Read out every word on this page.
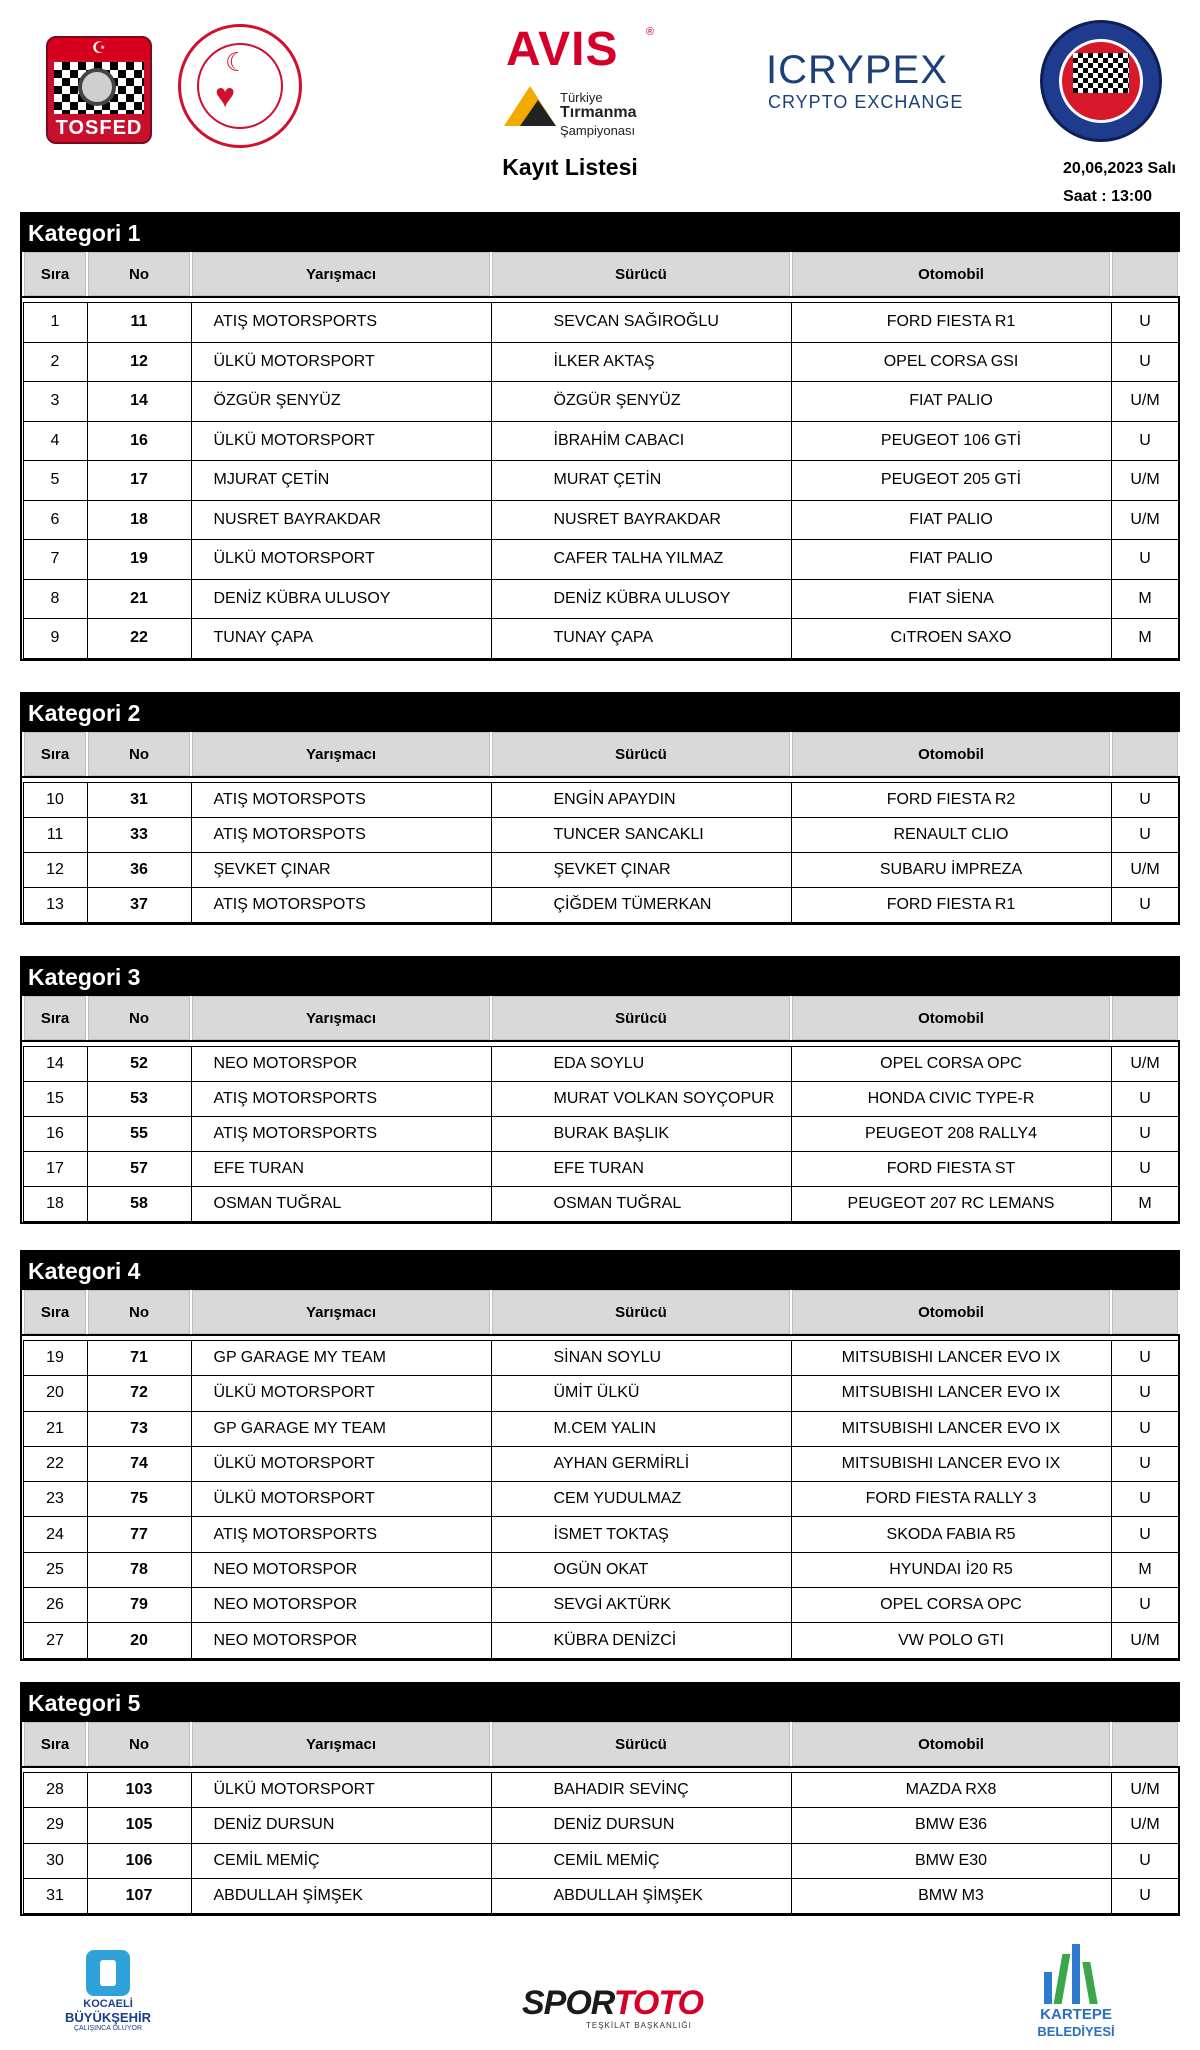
☪
TOSFED
☾
♥
AVIS	®
Türkiye
Tırmanma
Şampiyonası
ICRYPEX
CRYPTO EXCHANGE
Kayıt Listesi	20,06,2023 Salı
Saat : 13:00
Kategori 1
Sıra	No	Yarışmacı	Sürücü	Otomobil	

1	11	ATIŞ MOTORSPORTS	SEVCAN SAĞIROĞLU	FORD FIESTA R1	U
2	12	ÜLKÜ MOTORSPORT	İLKER AKTAŞ	OPEL CORSA GSI	U
3	14	ÖZGÜR ŞENYÜZ	ÖZGÜR ŞENYÜZ	FIAT PALIO	U/M
4	16	ÜLKÜ MOTORSPORT	İBRAHİM CABACI	PEUGEOT 106 GTİ	U
5	17	MJURAT ÇETİN	MURAT ÇETİN	PEUGEOT 205 GTİ	U/M
6	18	NUSRET BAYRAKDAR	NUSRET BAYRAKDAR	FIAT PALIO	U/M
7	19	ÜLKÜ MOTORSPORT	CAFER TALHA YILMAZ	FIAT PALIO	U
8	21	DENİZ KÜBRA ULUSOY	DENİZ KÜBRA ULUSOY	FIAT SİENA	M
9	22	TUNAY ÇAPA	TUNAY ÇAPA	CıTROEN SAXO	M
Kategori 2
Sıra	No	Yarışmacı	Sürücü	Otomobil	

10	31	ATIŞ MOTORSPOTS	ENGİN APAYDIN	FORD FIESTA R2	U
11	33	ATIŞ MOTORSPOTS	TUNCER SANCAKLI	RENAULT CLIO	U
12	36	ŞEVKET ÇINAR	ŞEVKET ÇINAR	SUBARU İMPREZA	U/M
13	37	ATIŞ MOTORSPOTS	ÇİĞDEM TÜMERKAN	FORD FIESTA R1	U
Kategori 3
Sıra	No	Yarışmacı	Sürücü	Otomobil	

14	52	NEO MOTORSPOR	EDA SOYLU	OPEL CORSA OPC	U/M
15	53	ATIŞ MOTORSPORTS	MURAT VOLKAN SOYÇOPUR	HONDA CIVIC TYPE-R	U
16	55	ATIŞ MOTORSPORTS	BURAK BAŞLIK	PEUGEOT 208 RALLY4	U
17	57	EFE TURAN	EFE TURAN	FORD FIESTA ST	U
18	58	OSMAN TUĞRAL	OSMAN TUĞRAL	PEUGEOT 207 RC LEMANS	M
Kategori 4
Sıra	No	Yarışmacı	Sürücü	Otomobil	

19	71	GP GARAGE MY TEAM	SİNAN SOYLU	MITSUBISHI LANCER EVO IX	U
20	72	ÜLKÜ MOTORSPORT	ÜMİT ÜLKÜ	MITSUBISHI LANCER EVO IX	U
21	73	GP GARAGE MY TEAM	M.CEM YALIN	MITSUBISHI LANCER EVO IX	U
22	74	ÜLKÜ MOTORSPORT	AYHAN GERMİRLİ	MITSUBISHI LANCER EVO IX	U
23	75	ÜLKÜ MOTORSPORT	CEM YUDULMAZ	FORD FIESTA RALLY 3	U
24	77	ATIŞ MOTORSPORTS	İSMET TOKTAŞ	SKODA FABIA R5	U
25	78	NEO MOTORSPOR	OGÜN OKAT	HYUNDAI İ20 R5	M
26	79	NEO MOTORSPOR	SEVGİ AKTÜRK	OPEL CORSA OPC	U
27	20	NEO MOTORSPOR	KÜBRA DENİZCİ	VW POLO GTI	U/M
Kategori 5
Sıra	No	Yarışmacı	Sürücü	Otomobil	

28	103	ÜLKÜ MOTORSPORT	BAHADIR SEVİNÇ	MAZDA RX8	U/M
29	105	DENİZ DURSUN	DENİZ DURSUN	BMW E36	U/M
30	106	CEMİL MEMİÇ	CEMİL MEMİÇ	BMW E30	U
31	107	ABDULLAH ŞİMŞEK	ABDULLAH ŞİMŞEK	BMW M3	U
KOCAELİ
BÜYÜKŞEHİR
ÇALIŞINCA OLUYOR
SPORTOTO
TEŞKİLAT BAŞKANLIĞI
KARTEPE
BELEDİYESİ
